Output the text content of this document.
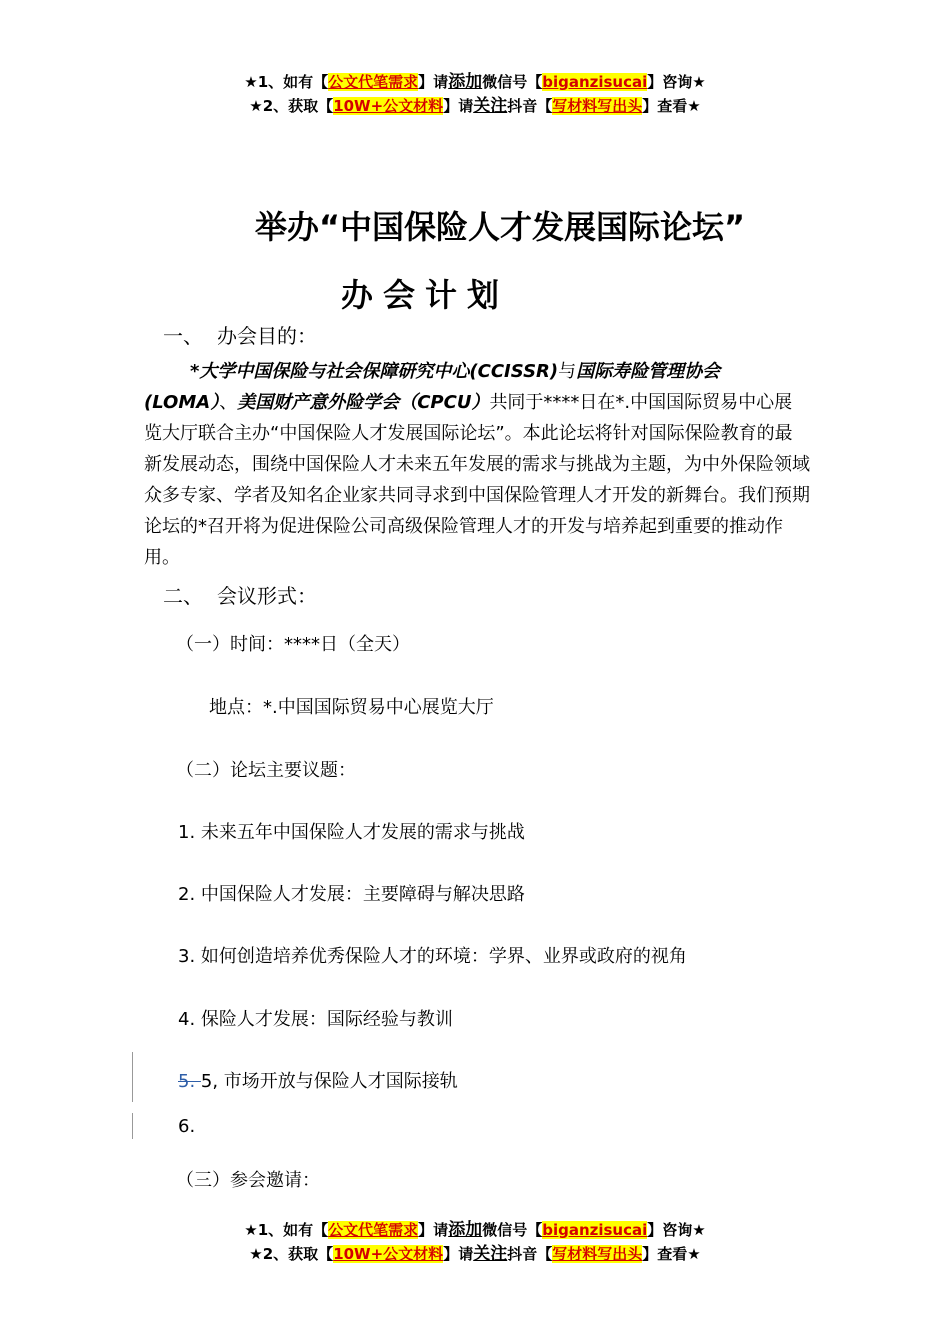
★1、如有【公文代笔需求】请添加微信号【biganzisucai】咨询★
★2、获取【10W+公文材料】请关注抖音【写材料写出头】查看★
举办“中国保险人才发展国际论坛”
办会计划
一、 办会目的：
*大学中国保险与社会保障研究中心(CCISSR)与国际寿险管理协会(LOMA）、美国财产意外险学会（CPCU）共同于****日在*.中国国际贸易中心展览大厅联合主办“中国保险人才发展国际论坛”。本此论坛将针对国际保险教育的最新发展动态，围绕中国保险人才未来五年发展的需求与挑战为主题，为中外保险领域众多专家、学者及知名企业家共同寻求到中国保险管理人才开发的新舞台。我们预期论坛的*召开将为促进保险公司高级保险管理人才的开发与培养起到重要的推动作用。
二、 会议形式：
（一）时间：****日（全天）
地点：*.中国国际贸易中心展览大厅
（二）论坛主要议题：
1. 未来五年中国保险人才发展的需求与挑战
2. 中国保险人才发展：主要障碍与解决思路
3. 如何创造培养优秀保险人才的环境：学界、业界或政府的视角
4. 保险人才发展：国际经验与教训
5. 5, 市场开放与保险人才国际接轨
6.
（三）参会邀请：
★1、如有【公文代笔需求】请添加微信号【biganzisucai】咨询★
★2、获取【10W+公文材料】请关注抖音【写材料写出头】查看★
